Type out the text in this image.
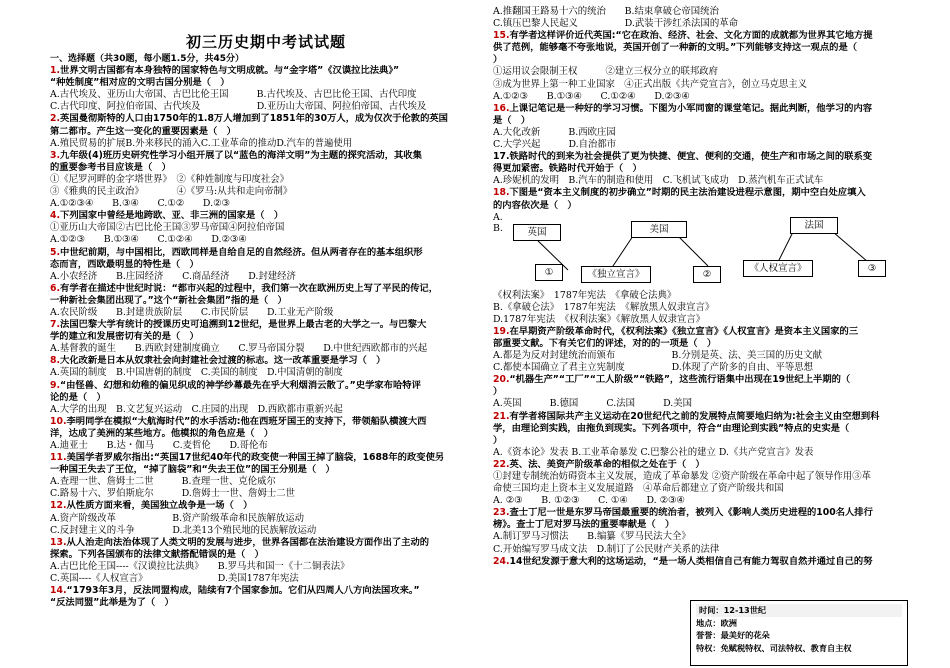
初三历史期中考试试题
一、选择题（共30题，每小题1.5分，共45分）
1.世界文明古国都有本身独特的国家特色与文明成就。与“金字塔”《汉谟拉比法典》”
“种姓制度”相对应的文明古国分别是（　）
A.古代埃及、亚历山大帝国、古巴比伦王国　　　B.古代埃及、古巴比伦王国、古代印度
C.古代印度、阿拉伯帝国、古代埃及　　　　　　D.亚历山大帝国、阿拉伯帝国、古代埃及
2.英国曼彻斯特的人口由1750年的1.8万人增加到了1851年的30万人，成为仅次于伦敦的英国
第二都市。产生这一变化的重要因素是（　）
A.殖民贸易的扩展B.外来移民的涌入C.工业革命的推动D.汽车的普遍使用
3.九年级(4)班历史研究性学习小组开展了以“蓝色的海洋文明”为主题的探究活动，其收集
的重要参考书目应该是（　）
①《尼罗河畔的金字塔世界》　②《种姓制度与印度社会》
③《雅典的民主政治》　　　　④《罗马:从共和走向帝制》
A.①②③④　　B.③④　　C.①②　　D.②③
4.下列国家中曾经是地跨欧、亚、非三洲的国家是（　）
①亚历山大帝国②古巴比伦王国③罗马帝国④阿拉伯帝国
A.①②③　　B.①③④　　C.①②④　　D.②③④
5.中世纪前期，与中国相比，西欧同样是自给自足的自然经济。但从两者存在的基本组织形
态而言，西欧最明显的特性是（　）
A.小农经济　　B.庄园经济　　C.商品经济　　D.封建经济
6.有学者在描述中世纪时说：“都市兴起的过程中，我们第一次在欧洲历史上写了平民的传记，
一种新社会集团出现了。”这个“新社会集团”指的是（　）
A.农民阶级　　B.封建贵族阶层　　C.市民阶层　　D.工业无产阶级
7.法国巴黎大学有统计的授课历史可追溯到12世纪，是世界上最古老的大学之一。与巴黎大
学的建立和发展密切有关的是（　）
A.基督教的诞生　　B.西欧封建制度确立　　C.罗马帝国分裂　　D.中世纪西欧都市的兴起
8.大化改新是日本从奴隶社会向封建社会过渡的标志。这一改革重要是学习（　）
A.英国的制度　B.中国唐朝的制度　C.美国的制度　D.中国清朝的制度
9.“由怪兽、幻想和幼稚的偏见织成的神学纱幕最先在乎大利烟消云散了。”史学家布哈特评
论的是（　）
A.大学的出现　B.文艺复兴运动　C.庄园的出现　D.西欧都市重新兴起
10.李明同学在模拟“大航海时代”的水手活动:他在西班牙国王的支持下，带领船队横渡大西
洋，达成了美洲的某些地方。他模拟的角色应是（　）
A.迪亚士　　B.达・伽马　　C.麦哲伦　　D.哥伦布
11.美国学者罗威尔指出:“英国17世纪40年代的政变使一种国王掉了脑袋，1688年的政变使另
一种国王失去了王位，“掉了脑袋”和“失去王位”的国王分别是（　）
A.查理一世、詹姆士二世　　　B.查理一世、克伦威尔
C.路易十六、罗伯斯庇尔　　　D.詹姆士一世、詹姆士二世
12.从性质方面来看，美国独立战争是一场（　）
A.资产阶级改革　　　　　　B.资产阶级革命和民族解放运动
C.反封建主义的斗争　　　　D.北美13个殖民地的民族解放运动
13.从人治走向法治体现了人类文明的发展与进步，世界各国都在法治建设方面作出了主动的
探索。下列各国颁布的法律文献搭配错误的是（　）
A.古巴比伦王国----《汉谟拉比法典》　　B.罗马共和国一《十二铜表法》
C.英国----《人权宣言》　　　　　　　　D.美国1787年宪法
14.“1793年3月，反法同盟构成，陆续有7个国家参加。它们从四周人八方向法国攻来。”
“反法同盟”此举是为了（　）
A.推翻国王路易十六的统治　　B.结束拿破仑帝国统治
C.镇压巴黎人民起义　　　　　D.武装干涉红杀法国的革命
15.有学者这样评价近代英国:“它在政治、经济、社会、文化方面的成就都为世界其它地方提
供了范例，能够毫不夸张地说，英国开创了一种新的文明。”下列能够支持这一观点的是（
）
①运用议会限制王权　　　②建立三权分立的联邦政府
③成为世界上第一种工业国家　④正式出版《共产党宣言》，创立马克思主义
A.①②③　　B.①③④　　C.①②④　　D.②③④
16.上课记笔记是一种好的学习习惯。下图为小军同窗的课堂笔记。据此判断，他学习的内容
是（　）
A.大化改新　　　B.西欧庄园
C.大学兴起　　　D.自治都市
17.铁路时代的到来为社会提供了更为快捷、便宜、便利的交通，使生产和市场之间的联系变
得更加紧密。铁路时代开始于（　）
A.珍妮机的发明　B.汽车的制造和使用　C.飞机试飞成功　D.蒸汽机车正式试车
18.下图是“资本主义制度的初步确立”时期的民主法治建设进程示意图，期中空白处应填入
的内容依次是（　）
A.
B.	英国	美国	法国
①	《独立宣言》	②
《人权宣言》	③
《权利法案》　1787年宪法　《拿破仑法典》
B.《拿破仑法》　1787年宪法　《解放黑人奴隶宣言》
D.1787年宪法　《权利法案》《解放黑人奴隶宣言》
19.在早期资产阶级革命时代，《权利法案》《独立宣言》《人权宣言》是资本主义国家的三
部重要文献。下有关它们的评述，对的的一项是（　）
A.都是为反对封建统治而颁布　　　　　　B.分别是英、法、美三国的历史文献
C.都使本国确立了君主立宪制度　　　　　D.体现了产阶多的自由、平等思想
20.“机器生产”“工厂”“工人阶级”“铁路”，这些流行语集中出现在19世纪上半期的（
）
A.英国　　　B.德国　　　C.法国　　　D.美国
21.有学者将国际共产主义运动在20世纪代之前的发展特点简要地归纳为:社会主义由空想到科
学，由理论到实践，由拖负到现实。下列各项中，符合“由理论到实践”特点的史实是（
）
A.《资本论》发表 B.工业革命暴发 C.巴黎公社的建立 D.《共产党宣言》发表
22.英、法、美资产阶级革命的相似之处在于（　）
①封建专制统治妨碍资本主义发展，造成了革命暴发 ②资产阶级在革命中起了领导作用③革
命使三国均走上资本主义发展道路　④革命后都建立了资产阶级共和国
A. ②③　　B. ①②③　　C. ①④　　D. ②③④
23.查士丁尼一世是东罗马帝国最重要的统治者，被列入《影响人类历史进程的100名人排行
榜》。查士丁尼对罗马法的重要奉献是（　）
A.制订罗马习惯法　　B.编纂《罗马民法大全》
C.开始编写罗马成文法　D.制订了公民财产关系的法律
24.14世纪发源于意大利的这场运动，“是一场人类相信自己有能力驾驭自然并通过自己的努
时间：12-13世纪
地点：欧洲
誉誉：最美好的花朵
特权：免赋税特权、司法特权、教育自主权
